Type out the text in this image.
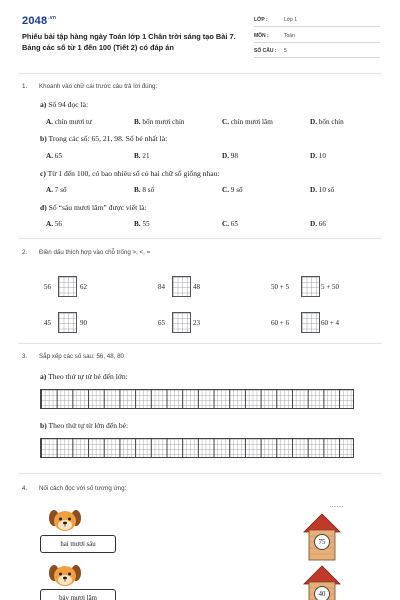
$2048^{.vn}$
Phiếu bài tập hàng ngày Toán lớp 1 Chân trời sáng tạo Bài 7. Bảng các số từ 1 đến 100 (Tiết 2) có đáp án
LỚP :	Lớp 1
MÔN :	Toán
SỐ CÂU : 5
1. Khoanh vào chữ cái trước câu trả lời đúng:
a) Số 94 đọc là:
A. chín mươi tư	B. bốn mươi chín	C. chín mươi lăm	D. bốn chín
b) Trong các số: 65, 21, 98. Số bé nhất là:
A. 65	B. 21	D. 98	D. 10
c) Từ 1 đến 100, có bao nhiêu số có hai chữ số giống nhau:
A. 7 số	B. 8 số	C. 9 số	D. 10 số
d) Số “sáu mươi lăm” được viết là:
A. 56	B. 55	C. 65	D. 66
2. Điền dấu thích hợp vào chỗ trống >, <, =
56	62	84	48	50 + 5	5 + 50
45	90	65	23	60 + 6	60 + 4
3. Sắp xếp các số sau: 56, 48, 80
a) Theo thứ tự từ bé đến lớn:
b) Theo thứ tự từ lớn đến bé:
4. Nối cách đọc với số tương ứng:
hai mươi sáu
bảy mươi lăm
........
75
40
